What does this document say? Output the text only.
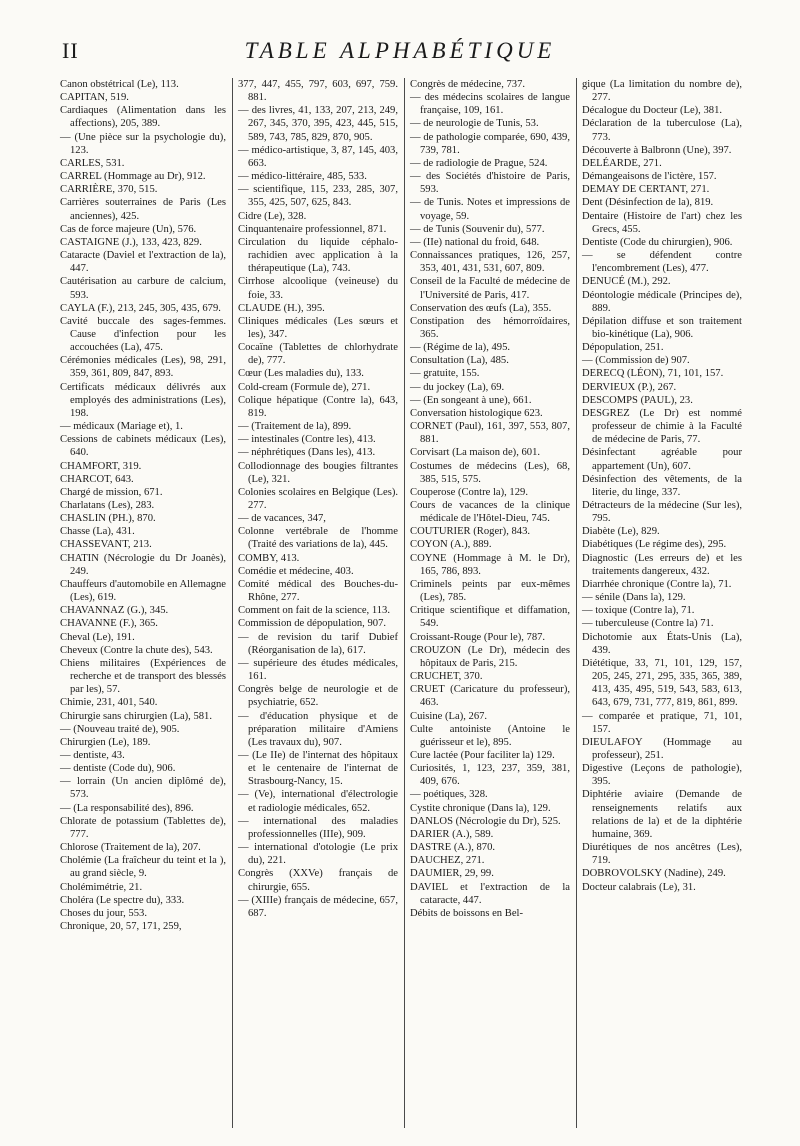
II	TABLE ALPHABÉTIQUE

Canon obstétrical (Le), 113.

CAPITAN, 519.

Cardiaques (Alimentation dans les affections), 205, 389.

— (Une pièce sur la psychologie du), 123.

CARLES, 531.

CARREL (Hommage au Dr), 912.

CARRIÈRE, 370, 515.

Carrières souterraines de Paris (Les anciennes), 425.

Cas de force majeure (Un), 576.

CASTAIGNE (J.), 133, 423, 829.

Cataracte (Daviel et l'extraction de la), 447.

Cautérisation au carbure de calcium, 593.

CAYLA (F.), 213, 245, 305, 435, 679.

Cavité buccale des sages-femmes. Cause d'infection pour les accouchées (La), 475.

Cérémonies médicales (Les), 98, 291, 359, 361, 809, 847, 893.

Certificats médicaux délivrés aux employés des administrations (Les), 198.

— médicaux (Mariage et), 1.

Cessions de cabinets médicaux (Les), 640.

CHAMFORT, 319.

CHARCOT, 643.

Chargé de mission, 671.

Charlatans (Les), 283.

CHASLIN (PH.), 870.

Chasse (La), 431.

CHASSEVANT, 213.

CHATIN (Nécrologie du Dr Joanès), 249.

Chauffeurs d'automobile en Allemagne (Les), 619.

CHAVANNAZ (G.), 345.

CHAVANNE (F.), 365.

Cheval (Le), 191.

Cheveux (Contre la chute des), 543.

Chiens militaires (Expériences de recherche et de transport des blessés par les), 57.

Chimie, 231, 401, 540.

Chirurgie sans chirurgien (La), 581.

— (Nouveau traité de), 905.

Chirurgien (Le), 189.

— dentiste, 43.

— dentiste (Code du), 906.

— lorrain (Un ancien diplômé de), 573.

— (La responsabilité des), 896.

Chlorate de potassium (Tablettes de), 777.

Chlorose (Traitement de la), 207.

Cholémie (La fraîcheur du teint et la ), au grand siècle, 9.

Cholémimétrie, 21.

Choléra (Le spectre du), 333.

Choses du jour, 553.

Chronique, 20, 57, 171, 259,

377, 447, 455, 797, 603, 697, 759. 881.

— des livres, 41, 133, 207, 213, 249, 267, 345, 370, 395, 423, 445, 515, 589, 743, 785, 829, 870, 905.

— médico-artistique, 3, 87, 145, 403, 663.

— médico-littéraire, 485, 533.

— scientifique, 115, 233, 285, 307, 355, 425, 507, 625, 843.

Cidre (Le), 328.

Cinquantenaire professionnel, 871.

Circulation du liquide céphalo-rachidien avec application à la thérapeutique (La), 743.

Cirrhose alcoolique (veineuse) du foie, 33.

CLAUDE (H.), 395.

Cliniques médicales (Les sœurs et les), 347.

Cocaïne (Tablettes de chlorhydrate de), 777.

Cœur (Les maladies du), 133.

Cold-cream (Formule de), 271.

Colique hépatique (Contre la), 643, 819.

— (Traitement de la), 899.

— intestinales (Contre les), 413.

— néphrétiques (Dans les), 413.

Collodionnage des bougies filtrantes (Le), 321.

Colonies scolaires en Belgique (Les). 277.

— de vacances, 347,

Colonne vertébrale de l'homme (Traité des variations de la), 445.

COMBY, 413.

Comédie et médecine, 403.

Comité médical des Bouches-du-Rhône, 277.

Comment on fait de la science, 113.

Commission de dépopulation, 907.

— de revision du tarif Dubief (Réorganisation de la), 617.

— supérieure des études médicales, 161.

Congrès belge de neurologie et de psychiatrie, 652.

— d'éducation physique et de préparation militaire d'Amiens (Les travaux du), 907.

— (Le IIe) de l'internat des hôpitaux et le centenaire de l'internat de Strasbourg-Nancy, 15.

— (Ve), international d'électrologie et radiologie médicales, 652.

— international des maladies professionnelles (IIIe), 909.

— international d'otologie (Le prix du), 221.

Congrès (XXVe) français de chirurgie, 655.

— (XIIIe) français de médecine, 657, 687.

Congrès de médecine, 737.

— des médecins scolaires de langue française, 109, 161.

— de neurologie de Tunis, 53.

— de pathologie comparée, 690, 439, 739, 781.

— de radiologie de Prague, 524.

— des Sociétés d'histoire de Paris, 593.

— de Tunis. Notes et impressions de voyage, 59.

— de Tunis (Souvenir du), 577.

— (IIe) national du froid, 648.

Connaissances pratiques, 126, 257, 353, 401, 431, 531, 607, 809.

Conseil de la Faculté de médecine de l'Université de Paris, 417.

Conservation des œufs (La), 355.

Constipation des hémorroïdaires, 365.

— (Régime de la), 495.

Consultation (La), 485.

— gratuite, 155.

— du jockey (La), 69.

— (En songeant à une), 661.

Conversation histologique 623.

CORNET (Paul), 161, 397, 553, 807, 881.

Corvisart (La maison de), 601.

Costumes de médecins (Les), 68, 385, 515, 575.

Couperose (Contre la), 129.

Cours de vacances de la clinique médicale de l'Hôtel-Dieu, 745.

COUTURIER (Roger), 843.

COYON (A.), 889.

COYNE (Hommage à M. le Dr), 165, 786, 893.

Criminels peints par eux-mêmes (Les), 785.

Critique scientifique et diffamation, 549.

Croissant-Rouge (Pour le), 787.

CROUZON (Le Dr), médecin des hôpitaux de Paris, 215.

CRUCHET, 370.

CRUET (Caricature du professeur), 463.

Cuisine (La), 267.

Culte antoiniste (Antoine le guérisseur et le), 895.

Cure lactée (Pour faciliter la) 129.

Curiosités, 1, 123, 237, 359, 381, 409, 676.

— poétiques, 328.

Cystite chronique (Dans la), 129.

DANLOS (Nécrologie du Dr), 525.

DARIER (A.), 589.

DASTRE (A.), 870.

DAUCHEZ, 271.

DAUMIER, 29, 99.

DAVIEL et l'extraction de la cataracte, 447.

Débits de boissons en Bel-

gique (La limitation du nombre de), 277.

Décalogue du Docteur (Le), 381.

Déclaration de la tuberculose (La), 773.

Découverte à Balbronn (Une), 397.

DELÉARDE, 271.

Démangeaisons de l'ictère, 157.

DEMAY DE CERTANT, 271.

Dent (Désinfection de la), 819.

Dentaire (Histoire de l'art) chez les Grecs, 455.

Dentiste (Code du chirurgien), 906.

— se défendent contre l'encombrement (Les), 477.

DENUCÉ (M.), 292.

Déontologie médicale (Principes de), 889.

Dépilation diffuse et son traitement bio-kinétique (La), 906.

Dépopulation, 251.

— (Commission de) 907.

DERECQ (LÉON), 71, 101, 157.

DERVIEUX (P.), 267.

DESCOMPS (PAUL), 23.

DESGREZ (Le Dr) est nommé professeur de chimie à la Faculté de médecine de Paris, 77.

Désinfectant agréable pour appartement (Un), 607.

Désinfection des vêtements, de la literie, du linge, 337.

Détracteurs de la médecine (Sur les), 795.

Diabète (Le), 829.

Diabétiques (Le régime des), 295.

Diagnostic (Les erreurs de) et les traitements dangereux, 432.

Diarrhée chronique (Contre la), 71.

— sénile (Dans la), 129.

— toxique (Contre la), 71.

— tuberculeuse (Contre la) 71.

Dichotomie aux États-Unis (La), 439.

Diététique, 33, 71, 101, 129, 157, 205, 245, 271, 295, 335, 365, 389, 413, 435, 495, 519, 543, 583, 613, 643, 679, 731, 777, 819, 861, 899.

— comparée et pratique, 71, 101, 157.

DIEULAFOY (Hommage au professeur), 251.

Digestive (Leçons de pathologie), 395.

Diphtérie aviaire (Demande de renseignements relatifs aux relations de la) et de la diphtérie humaine, 369.

Diurétiques de nos ancêtres (Les), 719.

DOBROVOLSKY (Nadine), 249.

Docteur calabrais (Le), 31.
